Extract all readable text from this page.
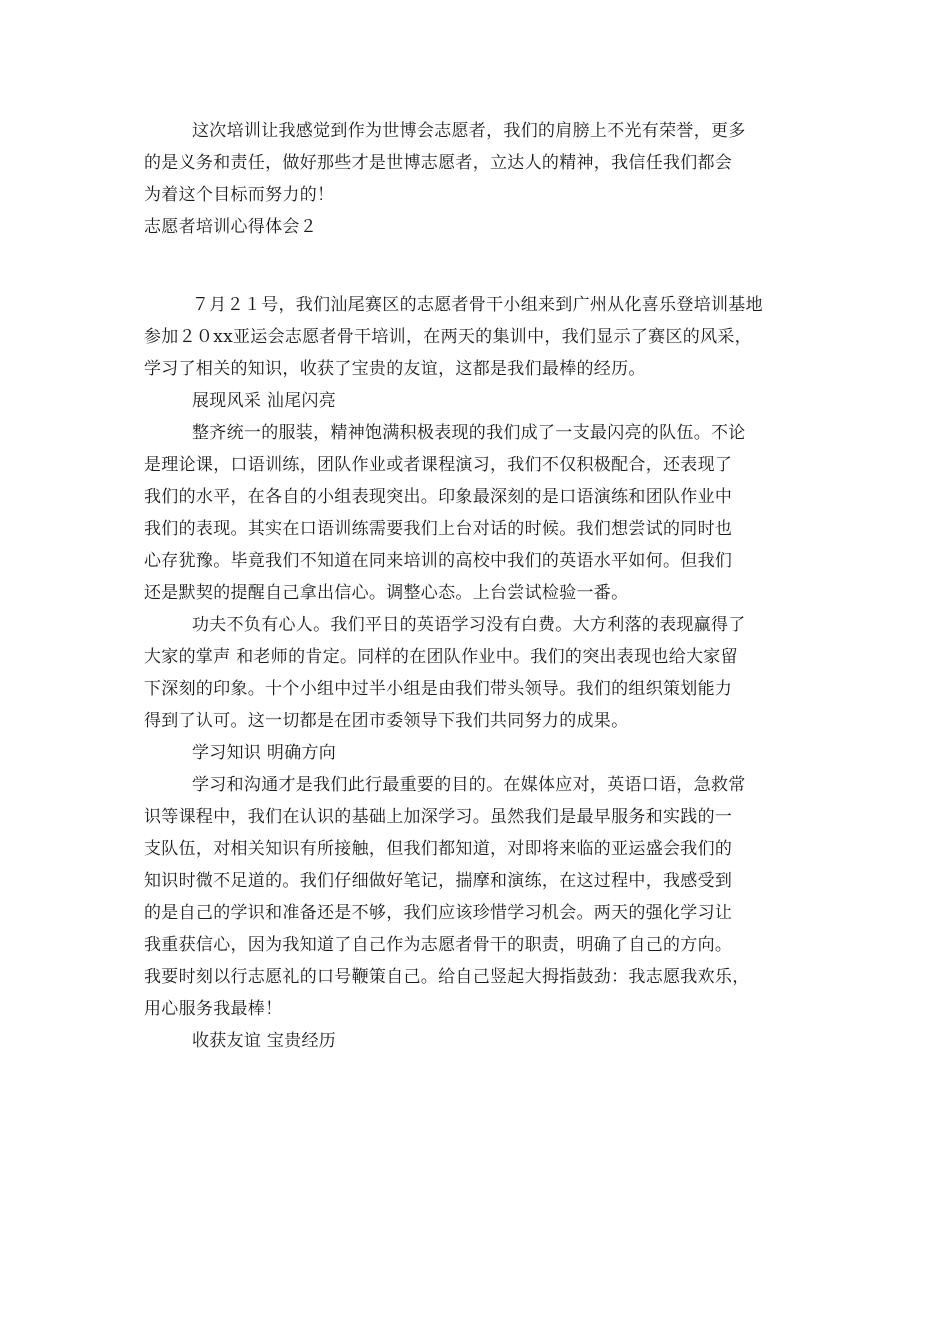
这次培训让我感觉到作为世博会志愿者，我们的肩膀上不光有荣誉，更多
的是义务和责任，做好那些才是世博志愿者，立达人的精神，我信任我们都会
为着这个目标而努力的！

志愿者培训心得体会２

７月２１号，我们汕尾赛区的志愿者骨干小组来到广州从化喜乐登培训基地
参加２０xx亚运会志愿者骨干培训，在两天的集训中，我们显示了赛区的风采，
学习了相关的知识，收获了宝贵的友谊，这都是我们最棒的经历。

展现风采 汕尾闪亮

整齐统一的服装，精神饱满积极表现的我们成了一支最闪亮的队伍。不论
是理论课，口语训练，团队作业或者课程演习，我们不仅积极配合，还表现了
我们的水平，在各自的小组表现突出。印象最深刻的是口语演练和团队作业中
我们的表现。其实在口语训练需要我们上台对话的时候。我们想尝试的同时也
心存犹豫。毕竟我们不知道在同来培训的高校中我们的英语水平如何。但我们
还是默契的提醒自己拿出信心。调整心态。上台尝试检验一番。

功夫不负有心人。我们平日的英语学习没有白费。大方利落的表现赢得了
大家的掌声 和老师的肯定。同样的在团队作业中。我们的突出表现也给大家留
下深刻的印象。十个小组中过半小组是由我们带头领导。我们的组织策划能力
得到了认可。这一切都是在团市委领导下我们共同努力的成果。

学习知识 明确方向

学习和沟通才是我们此行最重要的目的。在媒体应对，英语口语，急救常
识等课程中，我们在认识的基础上加深学习。虽然我们是最早服务和实践的一
支队伍，对相关知识有所接触，但我们都知道，对即将来临的亚运盛会我们的
知识时微不足道的。我们仔细做好笔记，揣摩和演练，在这过程中，我感受到
的是自己的学识和准备还是不够，我们应该珍惜学习机会。两天的强化学习让
我重获信心，因为我知道了自己作为志愿者骨干的职责，明确了自己的方向。
我要时刻以行志愿礼的口号鞭策自己。给自己竖起大拇指鼓劲：我志愿我欢乐，
用心服务我最棒！

收获友谊 宝贵经历
